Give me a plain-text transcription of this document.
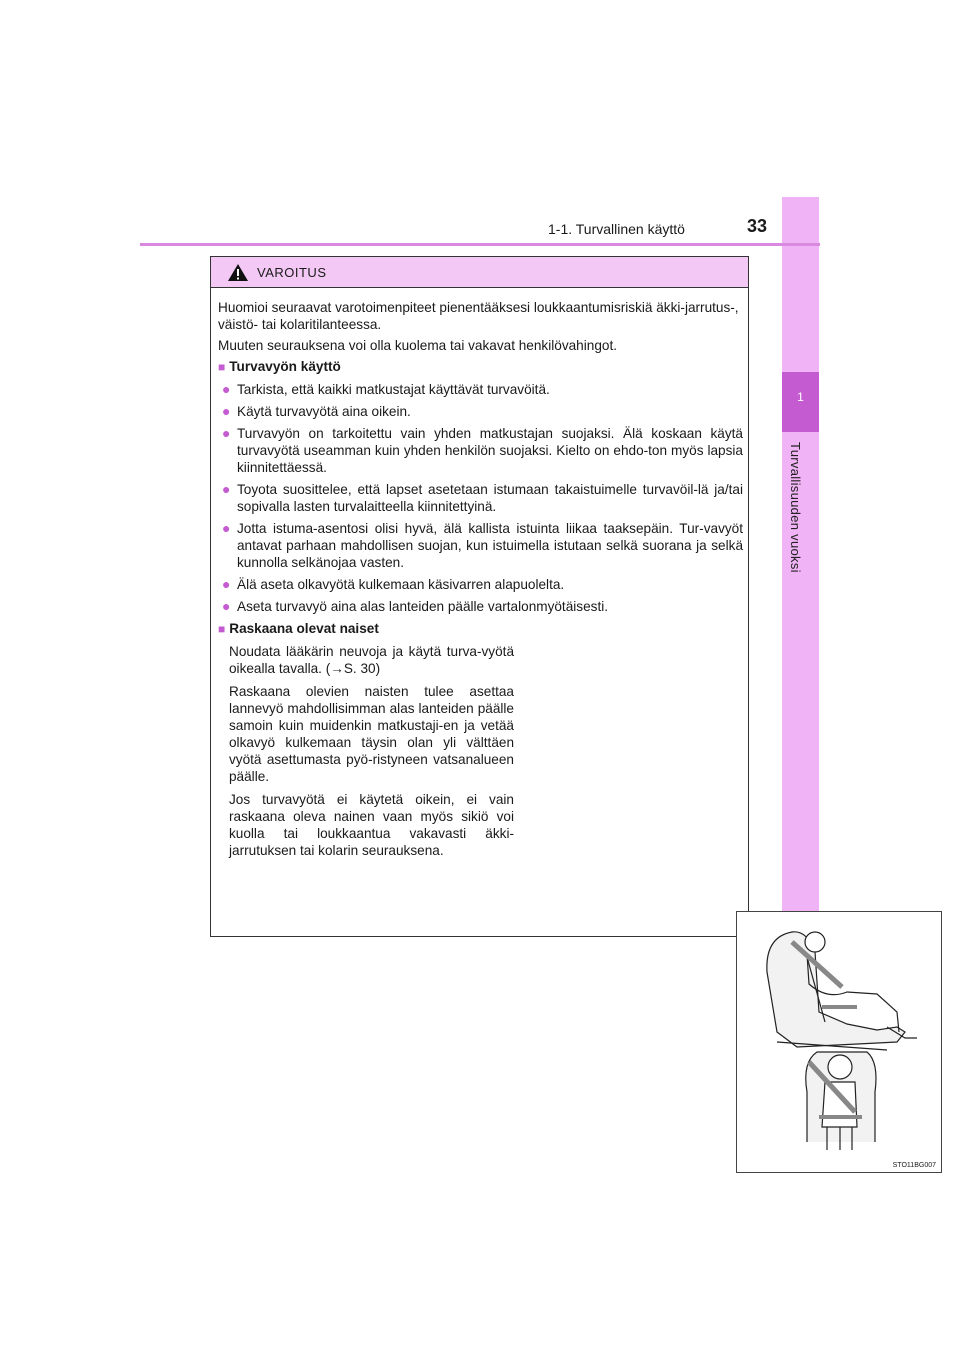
1
Turvallisuuden vuoksi
1-1. Turvallinen käyttö	33
VAROITUS

Huomioi seuraavat varotoimenpiteet pienentääksesi loukkaantumisriskiä äkki-jarrutus-, väistö- tai kolaritilanteessa.

Muuten seurauksena voi olla kuolema tai vakavat henkilövahingot.

■ Turvavyön käyttö
● Tarkista, että kaikki matkustajat käyttävät turvavöitä.
● Käytä turvavyötä aina oikein.
● Turvavyön on tarkoitettu vain yhden matkustajan suojaksi. Älä koskaan käytä turvavyötä useamman kuin yhden henkilön suojaksi. Kielto on ehdo-ton myös lapsia kiinnitettäessä.
● Toyota suosittelee, että lapset asetetaan istumaan takaistuimelle turvavöil-lä ja/tai sopivalla lasten turvalaitteella kiinnitettyinä.
● Jotta istuma-asentosi olisi hyvä, älä kallista istuinta liikaa taaksepäin. Tur-vavyöt antavat parhaan mahdollisen suojan, kun istuimella istutaan selkä suorana ja selkä kunnolla selkänojaa vasten.
● Älä aseta olkavyötä kulkemaan käsivarren alapuolelta.
● Aseta turvavyö aina alas lanteiden päälle vartalonmyötäisesti.
■ Raskaana olevat naiset

Noudata lääkärin neuvoja ja käytä turva-vyötä oikealla tavalla. (→S. 30)

Raskaana olevien naisten tulee asettaa lannevyö mahdollisimman alas lanteiden päälle samoin kuin muidenkin matkustaji-en ja vetää olkavyö kulkemaan täysin olan yli välttäen vyötä asettumasta pyö-ristyneen vatsanalueen päälle.

Jos turvavyötä ei käytetä oikein, ei vain raskaana oleva nainen vaan myös sikiö voi kuolla tai loukkaantua vakavasti äkki-jarrutuksen tai kolarin seurauksena.

STO11BG007
